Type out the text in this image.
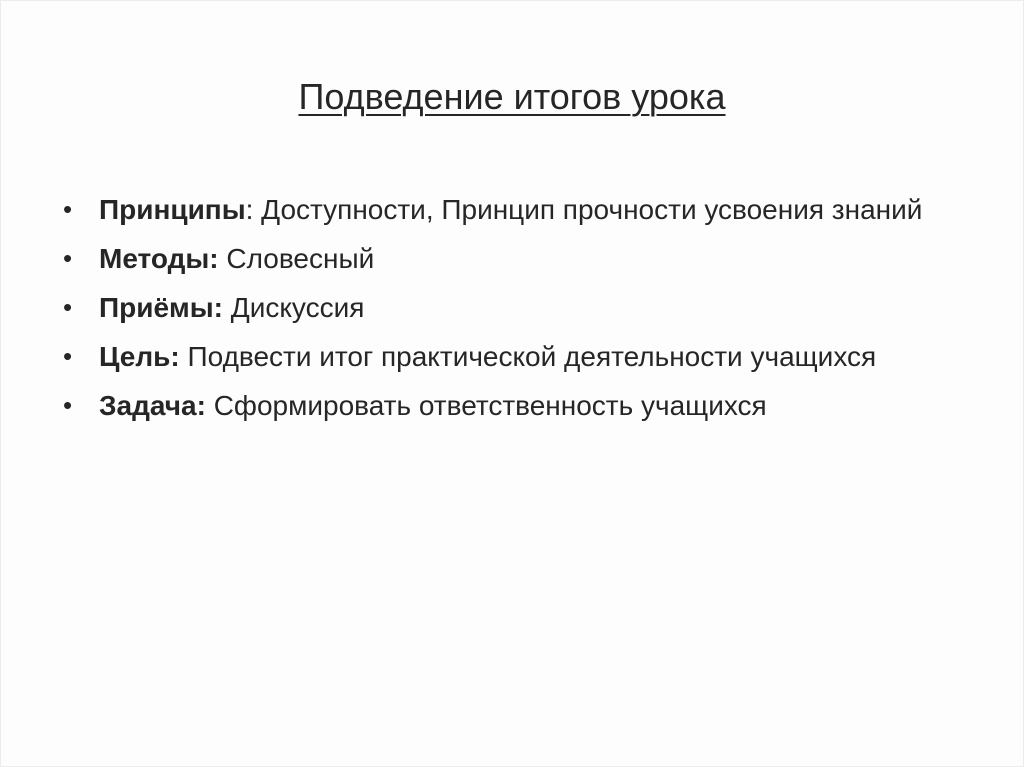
Подведение итогов урока
• Принципы: Доступности, Принцип прочности усвоения знаний
• Методы: Словесный
• Приёмы: Дискуссия
• Цель: Подвести итог практической деятельности учащихся
• Задача: Сформировать ответственность учащихся
